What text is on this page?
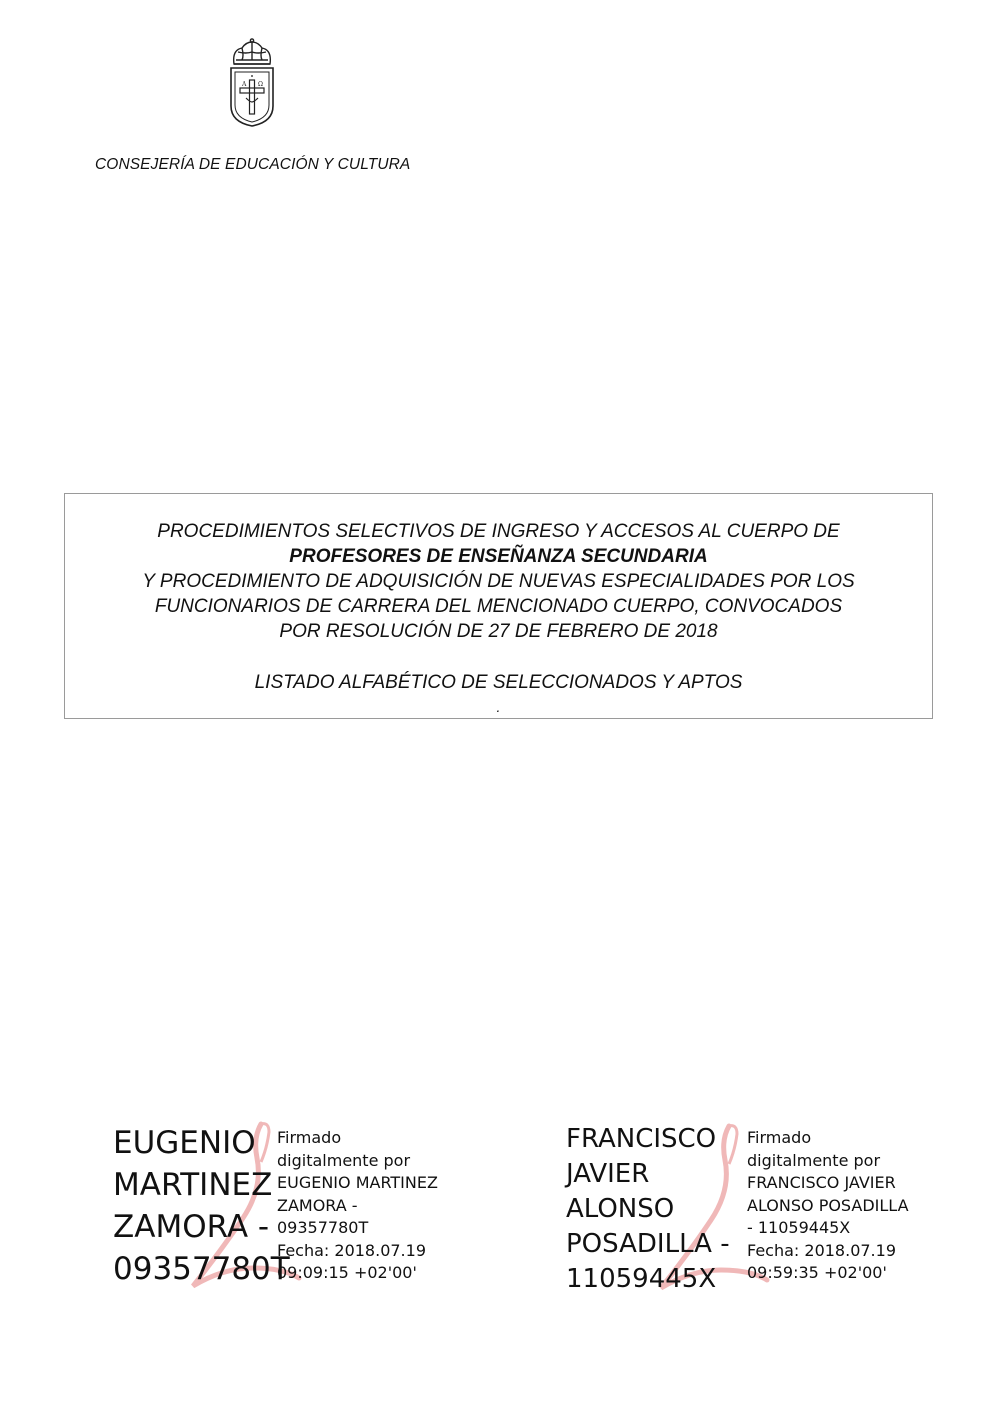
A Ω
CONSEJERÍA DE EDUCACIÓN Y CULTURA
PROCEDIMIENTOS SELECTIVOS DE INGRESO Y ACCESOS AL CUERPO DE
PROFESORES DE ENSEÑANZA SECUNDARIA
Y PROCEDIMIENTO DE ADQUISICIÓN DE NUEVAS ESPECIALIDADES POR LOS
FUNCIONARIOS DE CARRERA DEL MENCIONADO CUERPO, CONVOCADOS
POR RESOLUCIÓN DE 27 DE FEBRERO DE 2018
LISTADO ALFABÉTICO DE SELECCIONADOS Y APTOS
.
EUGENIO
MARTINEZ
ZAMORA -
09357780T
Firmado
digitalmente por
EUGENIO MARTINEZ
ZAMORA -
09357780T
Fecha: 2018.07.19
09:09:15 +02'00'
FRANCISCO
JAVIER
ALONSO
POSADILLA -
11059445X
Firmado
digitalmente por
FRANCISCO JAVIER
ALONSO POSADILLA
- 11059445X
Fecha: 2018.07.19
09:59:35 +02'00'
